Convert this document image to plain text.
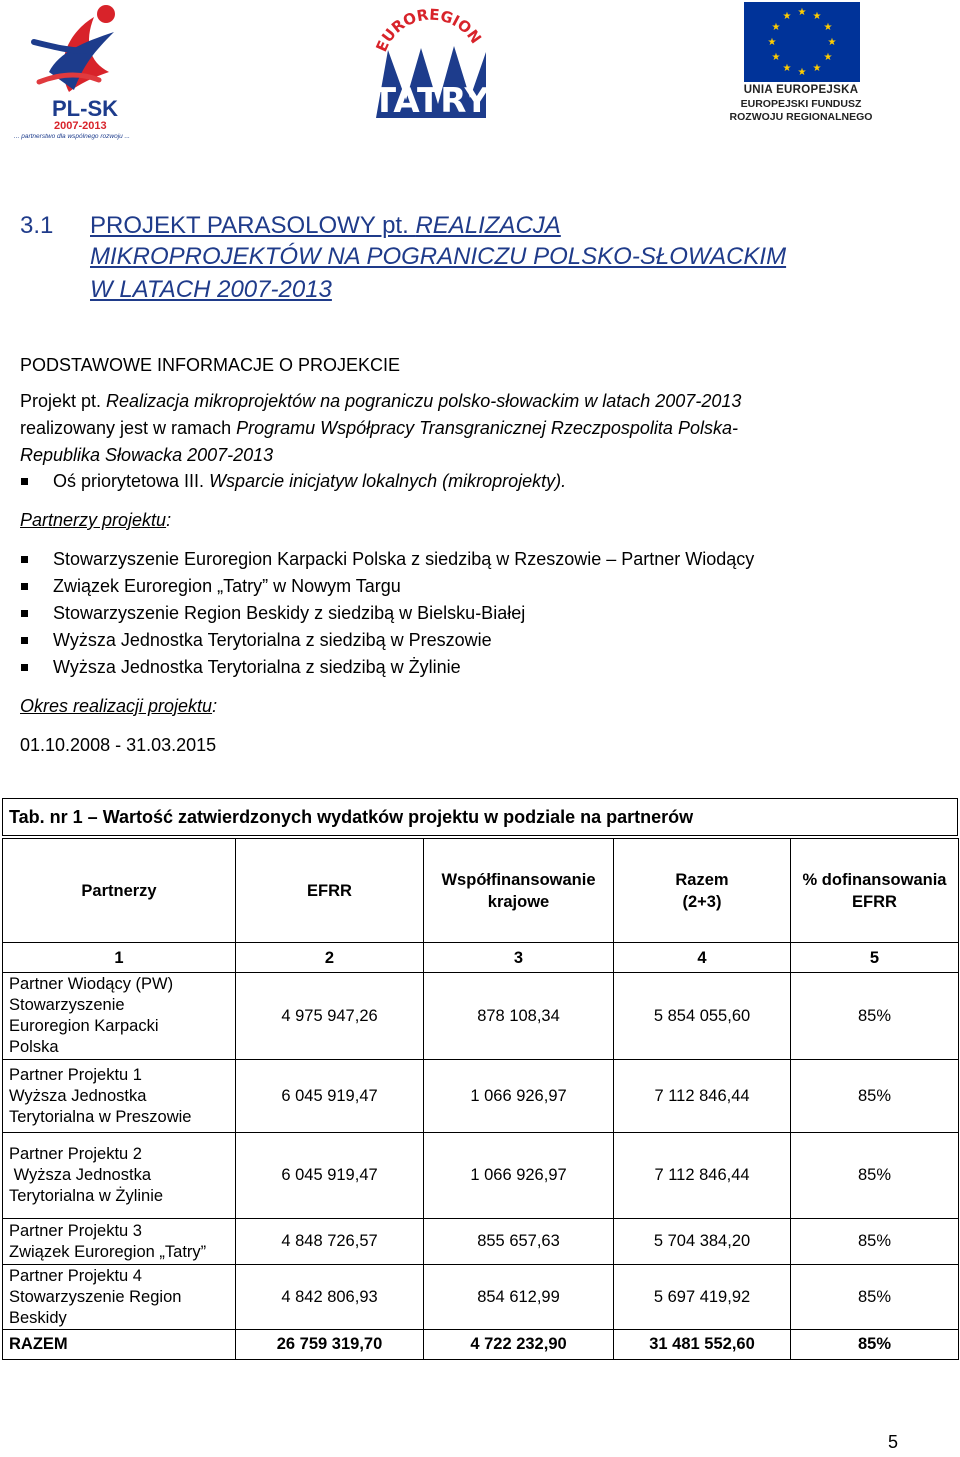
PL-SK
2007-2013
... partnerstwo dla wspólnego rozwoju ...
EUROREGION
TATRY
★ ★
★
★
★
★
★
★
★
★
★
★
UNIA EUROPEJSKA
EUROPEJSKI FUNDUSZ
ROZWOJU REGIONALNEGO
3.1 PROJEKT PARASOLOWY pt. REALIZACJA
MIKROPROJEKTÓW NA POGRANICZU POLSKO-SŁOWACKIM
W LATACH 2007-2013
PODSTAWOWE INFORMACJE O PROJEKCIE
Projekt pt. Realizacja mikroprojektów na pograniczu polsko-słowackim w latach 2007-2013
realizowany jest w ramach Programu Współpracy Transgranicznej Rzeczpospolita Polska-
Republika Słowacka 2007-2013
Oś priorytetowa III. Wsparcie inicjatyw lokalnych (mikroprojekty).
Partnerzy projektu:
Stowarzyszenie Euroregion Karpacki Polska z siedzibą w Rzeszowie – Partner Wiodący
Związek Euroregion „Tatry” w Nowym Targu
Stowarzyszenie Region Beskidy z siedzibą w Bielsku-Białej
Wyższa Jednostka Terytorialna z siedzibą w Preszowie
Wyższa Jednostka Terytorialna z siedzibą w Żylinie
Okres realizacji projektu:
01.10.2008 - 31.03.2015
Tab. nr 1 – Wartość zatwierdzonych wydatków projektu w podziale na partnerów
Partnerzy	EFRR	Współfinansowanie krajowe	Razem (2+3)	% dofinansowania EFRR
1	2	3	4	5

Partner Wiodący (PW)
Stowarzyszenie
Euroregion Karpacki
Polska	4 975 947,26	878 108,34	5 854 055,60	85%

Partner Projektu 1
Wyższa Jednostka
Terytorialna w Preszowie	6 045 919,47	1 066 926,97	7 112 846,44	85%

Partner Projektu 2
Wyższa Jednostka
Terytorialna w Żylinie	6 045 919,47	1 066 926,97	7 112 846,44	85%

Partner Projektu 3
Związek Euroregion „Tatry”	4 848 726,57	855 657,63	5 704 384,20	85%

Partner Projektu 4
Stowarzyszenie Region
Beskidy	4 842 806,93	854 612,99	5 697 419,92	85%
RAZEM	26 759 319,70	4 722 232,90	31 481 552,60	85%
5
